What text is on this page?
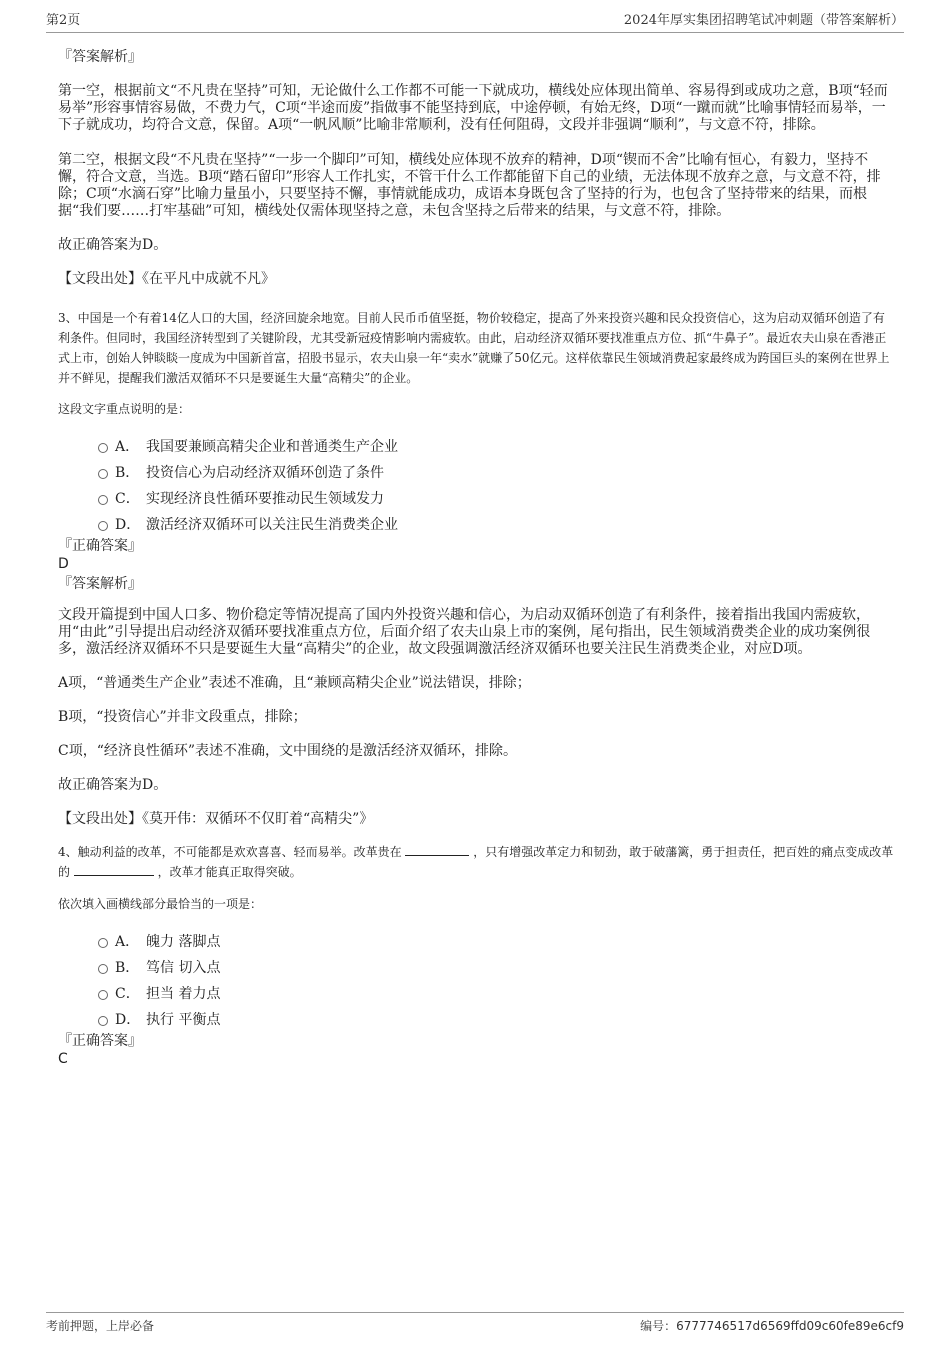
第2页	2024年厚实集团招聘笔试冲刺题（带答案解析）

『答案解析』

第一空，根据前文“不凡贵在坚持”可知，无论做什么工作都不可能一下就成功，横线处应体现出简单、容易得到或成功之意，B项“轻而易举”形容事情容易做，不费力气，C项“半途而废”指做事不能坚持到底，中途停顿，有始无终，D项“一蹴而就”比喻事情轻而易举，一下子就成功，均符合文意，保留。A项“一帆风顺”比喻非常顺利，没有任何阻碍，文段并非强调“顺利”，与文意不符，排除。

第二空，根据文段“不凡贵在坚持”“一步一个脚印”可知，横线处应体现不放弃的精神，D项“锲而不舍”比喻有恒心，有毅力，坚持不懈，符合文意，当选。B项“踏石留印”形容人工作扎实，不管干什么工作都能留下自己的业绩，无法体现不放弃之意，与文意不符，排除；C项“水滴石穿”比喻力量虽小，只要坚持不懈，事情就能成功，成语本身既包含了坚持的行为，也包含了坚持带来的结果，而根据“我们要……打牢基础”可知，横线处仅需体现坚持之意，未包含坚持之后带来的结果，与文意不符，排除。

故正确答案为D。

【文段出处】《在平凡中成就不凡》

3、中国是一个有着14亿人口的大国，经济回旋余地宽。目前人民币币值坚挺，物价较稳定，提高了外来投资兴趣和民众投资信心，这为启动双循环创造了有利条件。但同时，我国经济转型到了关键阶段，尤其受新冠疫情影响内需疲软。由此，启动经济双循环要找准重点方位、抓“牛鼻子”。最近农夫山泉在香港正式上市，创始人钟睒睒一度成为中国新首富，招股书显示，农夫山泉一年“卖水”就赚了50亿元。这样依靠民生领域消费起家最终成为跨国巨头的案例在世界上并不鲜见，提醒我们激活双循环不只是要诞生大量“高精尖”的企业。

这段文字重点说明的是：

A． 我国要兼顾高精尖企业和普通类生产企业
B． 投资信心为启动经济双循环创造了条件
C． 实现经济良性循环要推动民生领域发力
D． 激活经济双循环可以关注民生消费类企业

『正确答案』

D

『答案解析』

文段开篇提到中国人口多、物价稳定等情况提高了国内外投资兴趣和信心，为启动双循环创造了有利条件，接着指出我国内需疲软，用“由此”引导提出启动经济双循环要找准重点方位，后面介绍了农夫山泉上市的案例，尾句指出，民生领域消费类企业的成功案例很多，激活经济双循环不只是要诞生大量“高精尖”的企业，故文段强调激活经济双循环也要关注民生消费类企业，对应D项。

A项，“普通类生产企业”表述不准确，且“兼顾高精尖企业”说法错误，排除；

B项，“投资信心”并非文段重点，排除；

C项，“经济良性循环”表述不准确，文中围绕的是激活经济双循环，排除。

故正确答案为D。

【文段出处】《莫开伟：双循环不仅盯着“高精尖”》

4、触动利益的改革，不可能都是欢欢喜喜、轻而易举。改革贵在	，只有增强改革定力和韧劲，敢于破藩篱，勇于担责任，把百姓的痛点变成改革的	，改革才能真正取得突破。

依次填入画横线部分最恰当的一项是：

A． 魄力 落脚点
B． 笃信 切入点
C． 担当 着力点
D． 执行 平衡点

『正确答案』

C

考前押题，上岸必备	编号：6777746517d6569ffd09c60fe89e6cf9
